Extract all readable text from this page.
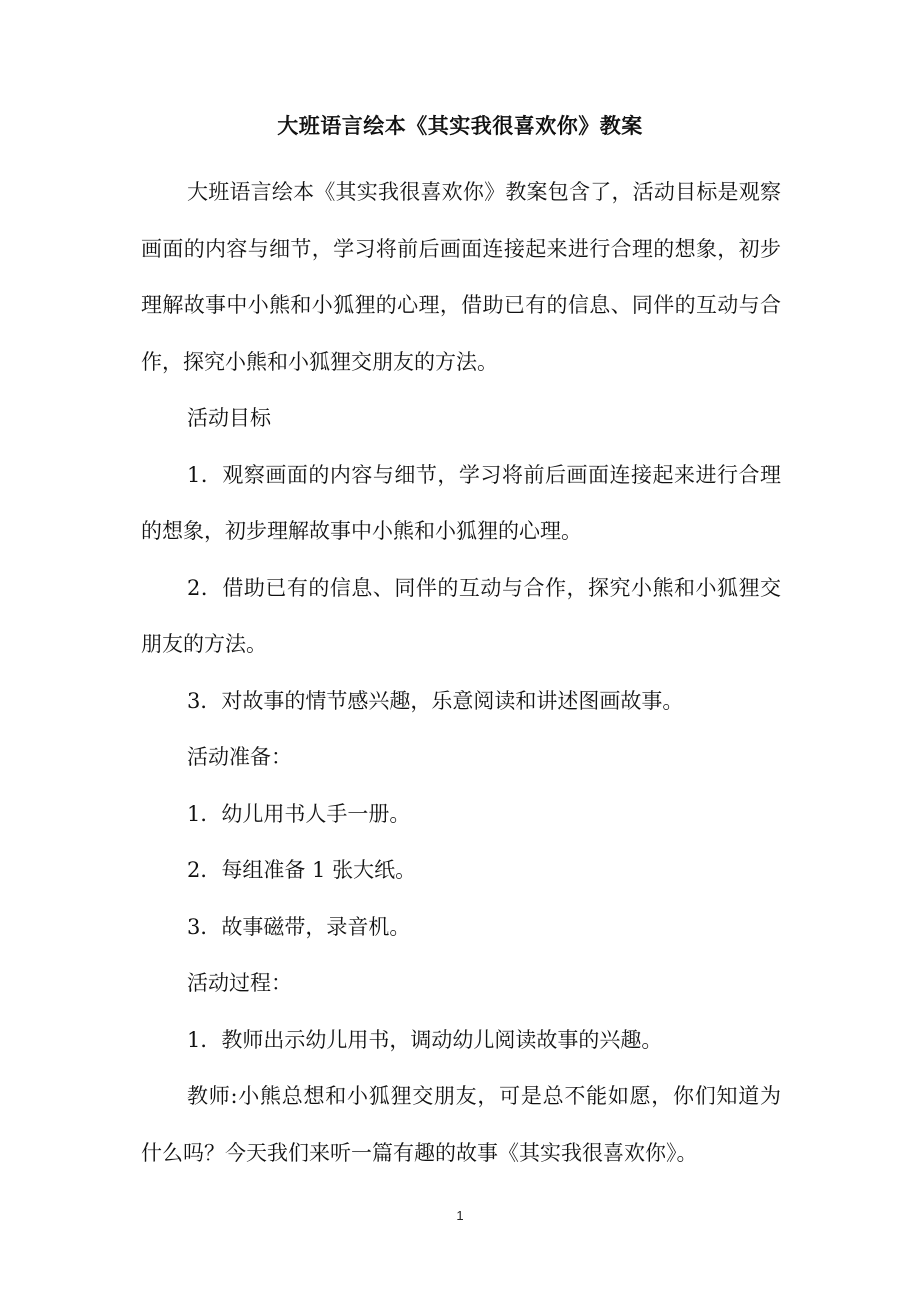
大班语言绘本《其实我很喜欢你》教案

大班语言绘本《其实我很喜欢你》教案包含了，活动目标是观察画面的内容与细节，学习将前后画面连接起来进行合理的想象，初步理解故事中小熊和小狐狸的心理，借助已有的信息、同伴的互动与合作，探究小熊和小狐狸交朋友的方法。

活动目标

1．观察画面的内容与细节，学习将前后画面连接起来进行合理的想象，初步理解故事中小熊和小狐狸的心理。

2．借助已有的信息、同伴的互动与合作，探究小熊和小狐狸交朋友的方法。

3．对故事的情节感兴趣，乐意阅读和讲述图画故事。

活动准备：

1．幼儿用书人手一册。

2．每组准备 1 张大纸。

3．故事磁带，录音机。

活动过程：

1．教师出示幼儿用书，调动幼儿阅读故事的兴趣。

教师:小熊总想和小狐狸交朋友，可是总不能如愿，你们知道为什么吗？今天我们来听一篇有趣的故事《其实我很喜欢你》。

1
